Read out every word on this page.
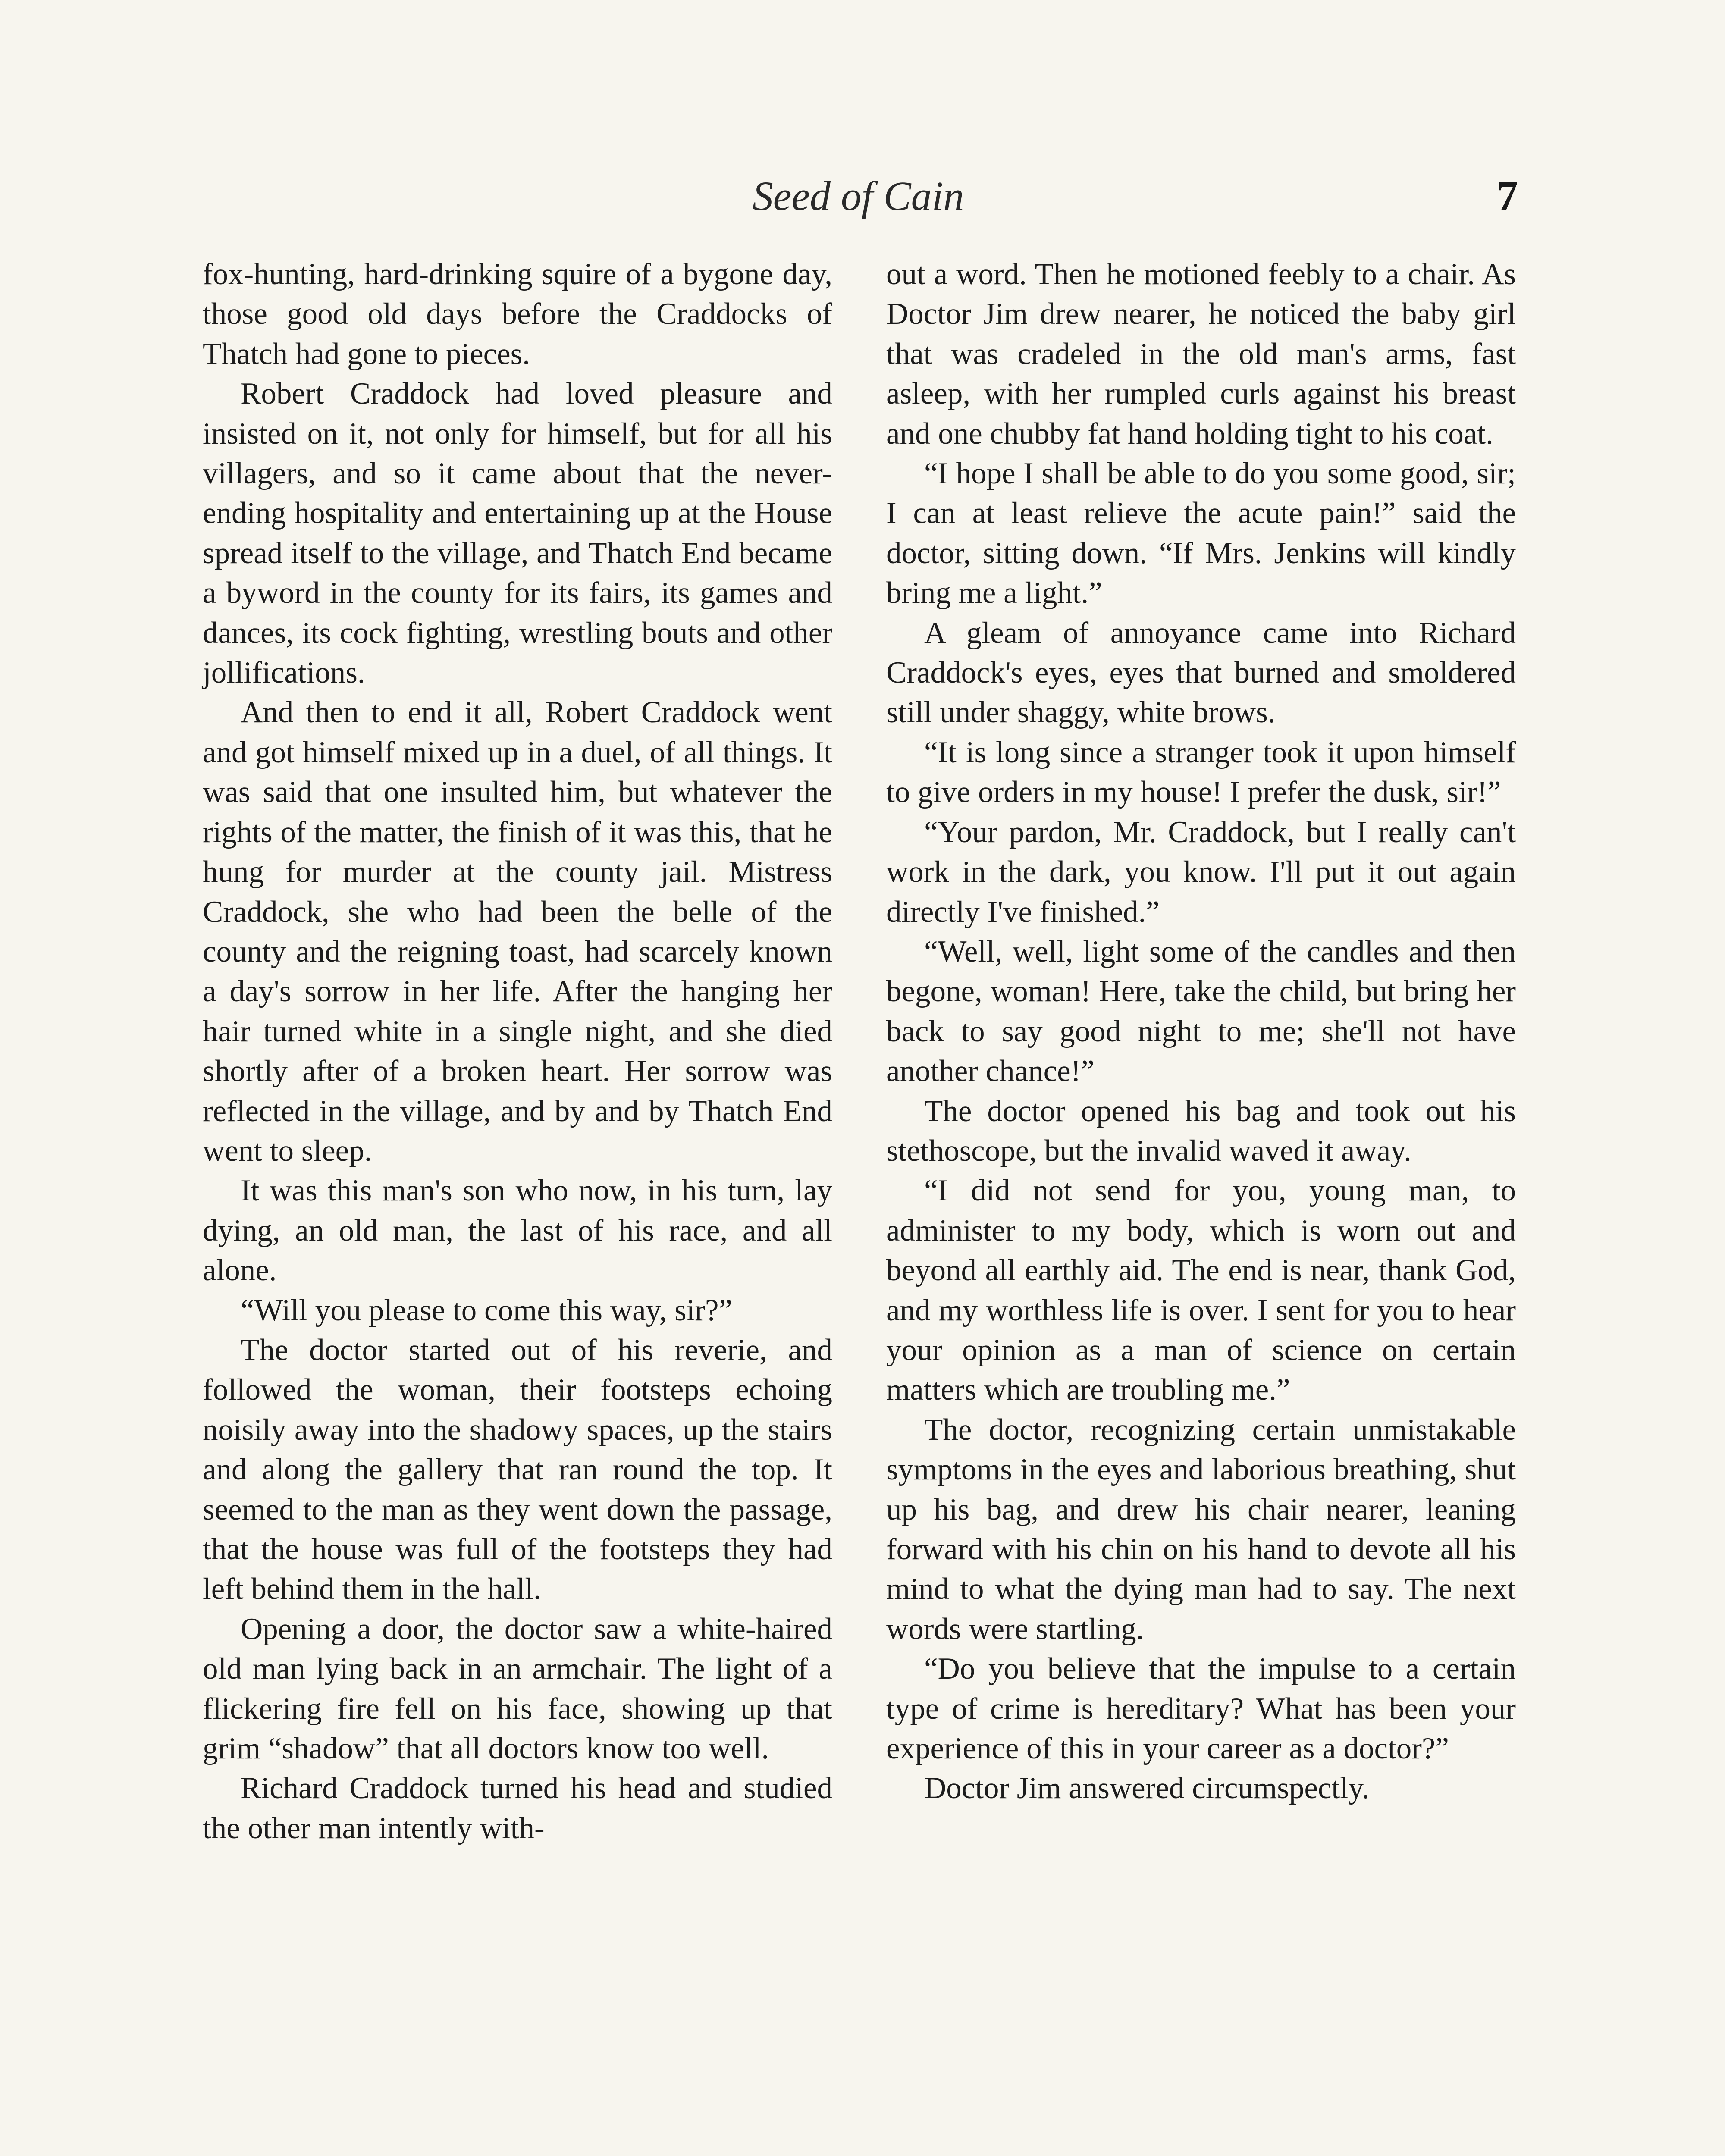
Seed of Cain	7

fox-hunting, hard-drinking squire of a bygone day, those good old days before the Craddocks of Thatch had gone to pieces.

Robert Craddock had loved pleasure and insisted on it, not only for himself, but for all his villagers, and so it came about that the never-ending hospitality and entertaining up at the House spread itself to the village, and Thatch End became a byword in the county for its fairs, its games and dances, its cock fighting, wrestling bouts and other jollifications.

And then to end it all, Robert Craddock went and got himself mixed up in a duel, of all things. It was said that one insulted him, but whatever the rights of the matter, the finish of it was this, that he hung for murder at the county jail. Mistress Craddock, she who had been the belle of the county and the reigning toast, had scarcely known a day's sorrow in her life. After the hanging her hair turned white in a single night, and she died shortly after of a broken heart. Her sorrow was reflected in the village, and by and by Thatch End went to sleep.

It was this man's son who now, in his turn, lay dying, an old man, the last of his race, and all alone.

“Will you please to come this way, sir?”

The doctor started out of his reverie, and followed the woman, their footsteps echoing noisily away into the shadowy spaces, up the stairs and along the gallery that ran round the top. It seemed to the man as they went down the passage, that the house was full of the footsteps they had left behind them in the hall.

Opening a door, the doctor saw a white-haired old man lying back in an armchair. The light of a flickering fire fell on his face, showing up that grim “shadow” that all doctors know too well.

Richard Craddock turned his head and studied the other man intently with-

out a word. Then he motioned feebly to a chair. As Doctor Jim drew nearer, he noticed the baby girl that was cradeled in the old man's arms, fast asleep, with her rumpled curls against his breast and one chubby fat hand holding tight to his coat.

“I hope I shall be able to do you some good, sir; I can at least relieve the acute pain!” said the doctor, sitting down. “If Mrs. Jenkins will kindly bring me a light.”

A gleam of annoyance came into Richard Craddock's eyes, eyes that burned and smoldered still under shaggy, white brows.

“It is long since a stranger took it upon himself to give orders in my house! I prefer the dusk, sir!”

“Your pardon, Mr. Craddock, but I really can't work in the dark, you know. I'll put it out again directly I've finished.”

“Well, well, light some of the candles and then begone, woman! Here, take the child, but bring her back to say good night to me; she'll not have another chance!”

The doctor opened his bag and took out his stethoscope, but the invalid waved it away.

“I did not send for you, young man, to administer to my body, which is worn out and beyond all earthly aid. The end is near, thank God, and my worthless life is over. I sent for you to hear your opinion as a man of science on certain matters which are troubling me.”

The doctor, recognizing certain unmistakable symptoms in the eyes and laborious breathing, shut up his bag, and drew his chair nearer, leaning forward with his chin on his hand to devote all his mind to what the dying man had to say. The next words were startling.

“Do you believe that the impulse to a certain type of crime is hereditary? What has been your experience of this in your career as a doctor?”

Doctor Jim answered circumspectly.
